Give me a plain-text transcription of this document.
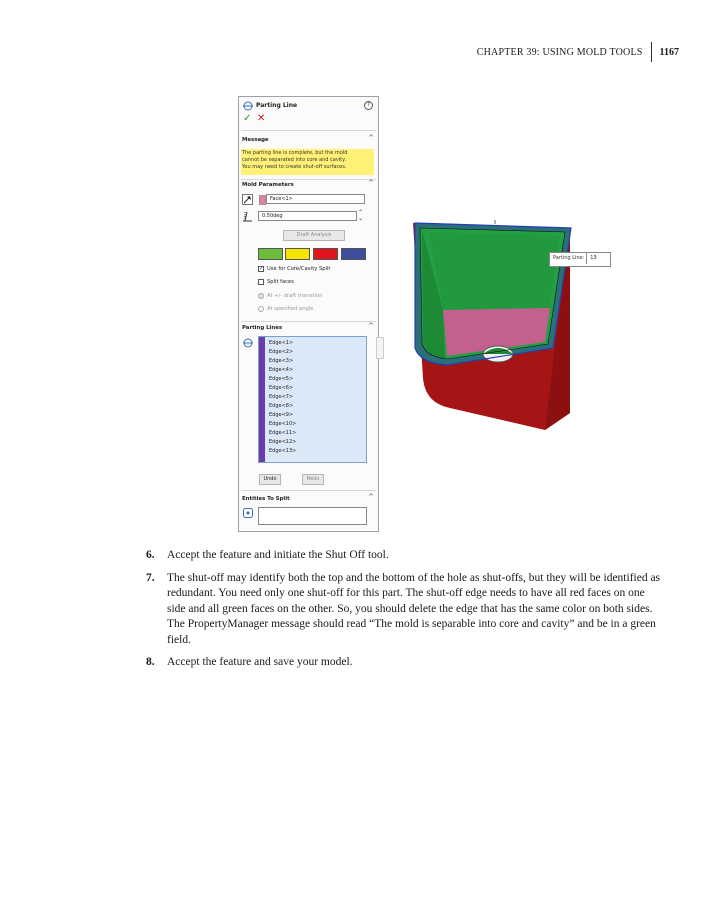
CHAPTER 39: USING MOLD TOOLS	1167
Parting Line	?
✓ ✕
Message	^
The parting line is complete, but the mold
cannot be separated into core and cavity.
You may need to create shut-off surfaces.
Mold Parameters	^
Face<1>
0.50deg	⌃
⌄
Draft Analysis
✓ Use for Core/Cavity Split
Split faces
At +/- draft transition
At specified angle
Parting Lines	^
Edge<1>
Edge<2>
Edge<3>
Edge<4>
Edge<5>
Edge<6>
Edge<7>
Edge<8>
Edge<9>
Edge<10>
Edge<11>
Edge<12>
Edge<13>
Undo	Redo
Entities To Split	^
Parting Line: 13
6.	Accept the feature and initiate the Shut Off tool.
7.	The shut-off may identify both the top and the bottom of the hole as shut-offs, but they will be identified as redundant. You need only one shut-off for this part. The shut-off edge needs to have all red faces on one side and all green faces on the other. So, you should delete the edge that has the same color on both sides. The PropertyManager message should read “The mold is separable into core and cavity” and be in a green field.
8.	Accept the feature and save your model.
